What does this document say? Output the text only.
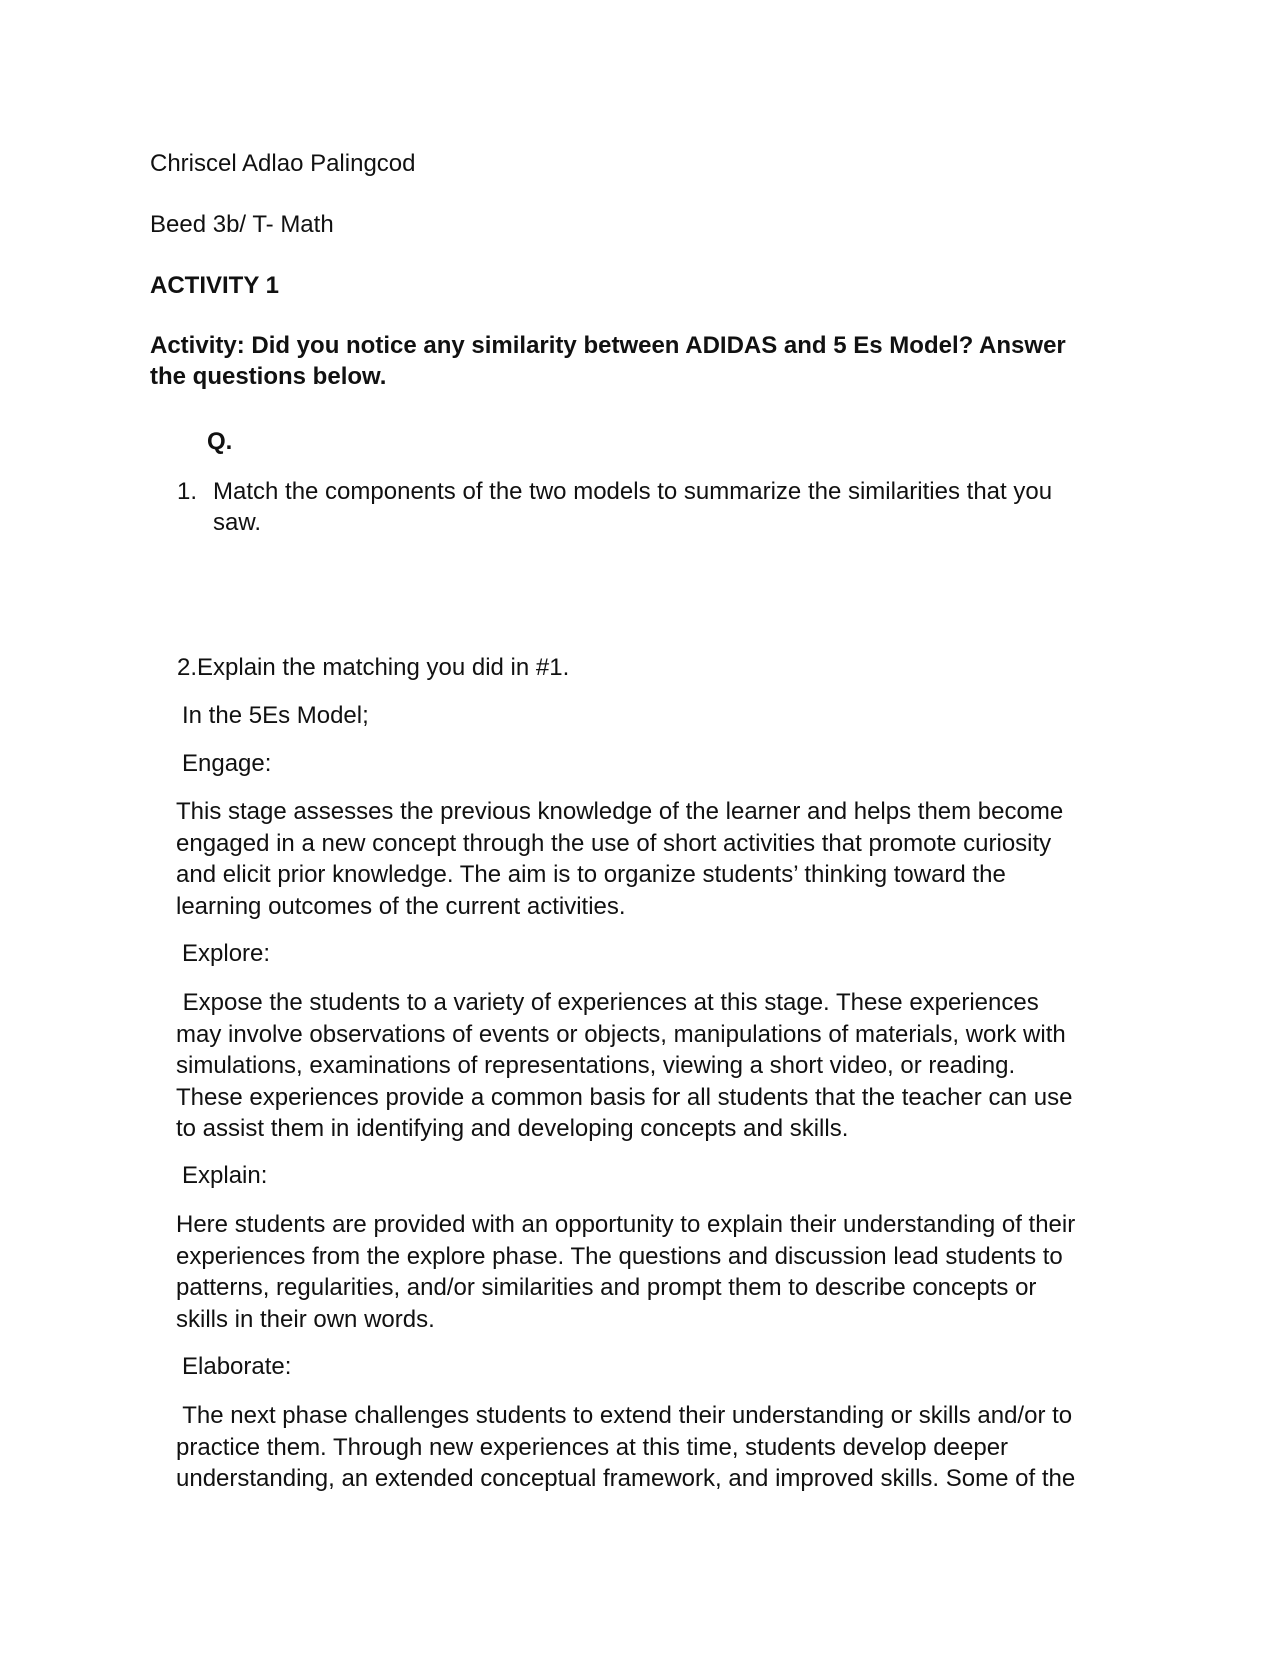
Chriscel Adlao Palingcod
Beed 3b/ T- Math
ACTIVITY 1
Activity: Did you notice any similarity between ADIDAS and 5 Es Model? Answer
the questions below.
Q.
1. Match the components of the two models to summarize the similarities that you
saw.
2.Explain the matching you did in #1.
In the 5Es Model;
Engage:
This stage assesses the previous knowledge of the learner and helps them become
engaged in a new concept through the use of short activities that promote curiosity
and elicit prior knowledge. The aim is to organize students’ thinking toward the
learning outcomes of the current activities.
Explore:
Expose the students to a variety of experiences at this stage. These experiences
may involve observations of events or objects, manipulations of materials, work with
simulations, examinations of representations, viewing a short video, or reading.
These experiences provide a common basis for all students that the teacher can use
to assist them in identifying and developing concepts and skills.
Explain:
Here students are provided with an opportunity to explain their understanding of their
experiences from the explore phase. The questions and discussion lead students to
patterns, regularities, and/or similarities and prompt them to describe concepts or
skills in their own words.
Elaborate:
The next phase challenges students to extend their understanding or skills and/or to
practice them. Through new experiences at this time, students develop deeper
understanding, an extended conceptual framework, and improved skills. Some of the
